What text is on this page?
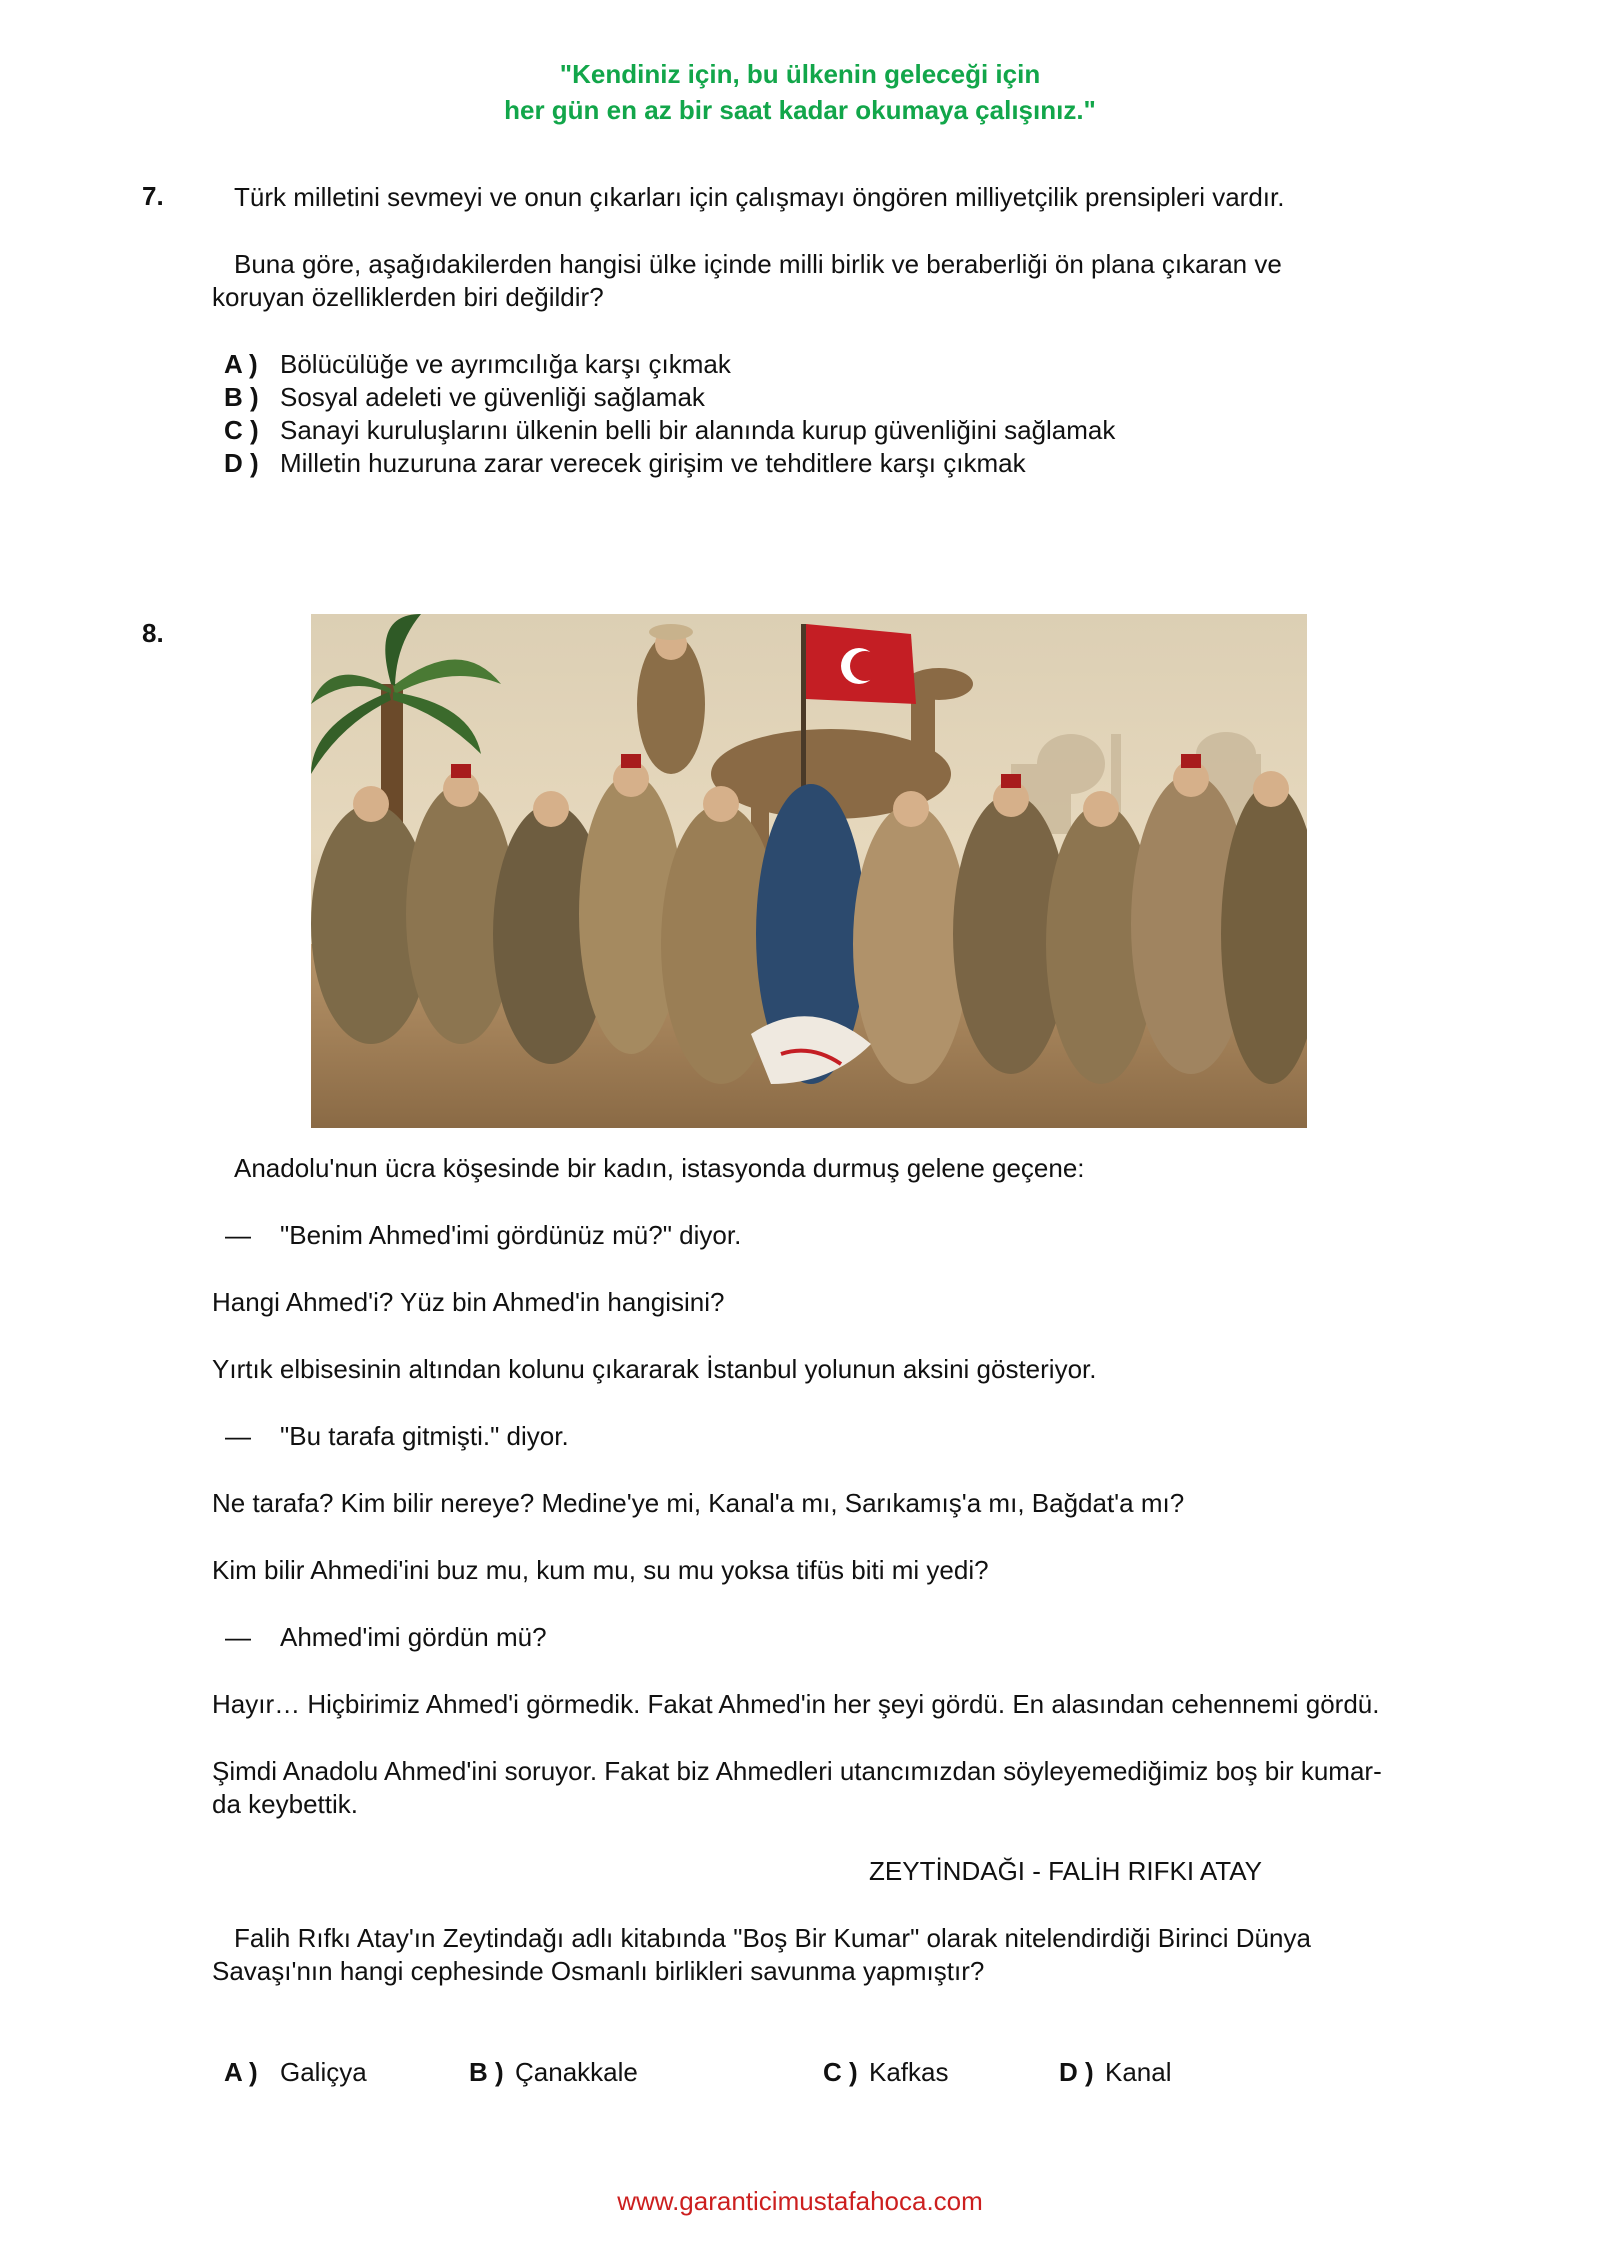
"Kendiniz için, bu ülkenin geleceği için
her gün en az bir saat kadar okumaya çalışınız."
7.	Türk milletini sevmeyi ve onun çıkarları için çalışmayı öngören milliyetçilik prensipleri vardır.
Buna göre, aşağıdakilerden hangisi ülke içinde milli birlik ve beraberliği ön plana çıkaran ve
koruyan özelliklerden biri değildir?
A ) Bölücülüğe ve ayrımcılığa karşı çıkmak
B ) Sosyal adeleti ve güvenliği sağlamak
C ) Sanayi kuruluşlarını ülkenin belli bir alanında kurup güvenliğini sağlamak
D ) Milletin huzuruna zarar verecek girişim ve tehditlere karşı çıkmak
8.
Anadolu'nun ücra köşesinde bir kadın, istasyonda durmuş gelene geçene:
— "Benim Ahmed'imi gördünüz mü?" diyor.
Hangi Ahmed'i? Yüz bin Ahmed'in hangisini?
Yırtık elbisesinin altından kolunu çıkararak İstanbul yolunun aksini gösteriyor.
— "Bu tarafa gitmişti." diyor.
Ne tarafa? Kim bilir nereye? Medine'ye mi, Kanal'a mı, Sarıkamış'a mı, Bağdat'a mı?
Kim bilir Ahmedi'ini buz mu, kum mu, su mu yoksa tifüs biti mi yedi?
— Ahmed'imi gördün mü?
Hayır… Hiçbirimiz Ahmed'i görmedik. Fakat Ahmed'in her şeyi gördü. En alasından cehennemi gördü.
Şimdi Anadolu Ahmed'ini soruyor. Fakat biz Ahmedleri utancımızdan söyleyemediğimiz boş bir kumar-
da keybettik.
ZEYTİNDAĞI - FALİH RIFKI ATAY
Falih Rıfkı Atay'ın Zeytindağı adlı kitabında "Boş Bir Kumar" olarak nitelendirdiği Birinci Dünya
Savaşı'nın hangi cephesinde Osmanlı birlikleri savunma yapmıştır?
A ) Galiçya	B ) Çanakkale	C ) Kafkas	D ) Kanal
www.garanticimustafahoca.com
